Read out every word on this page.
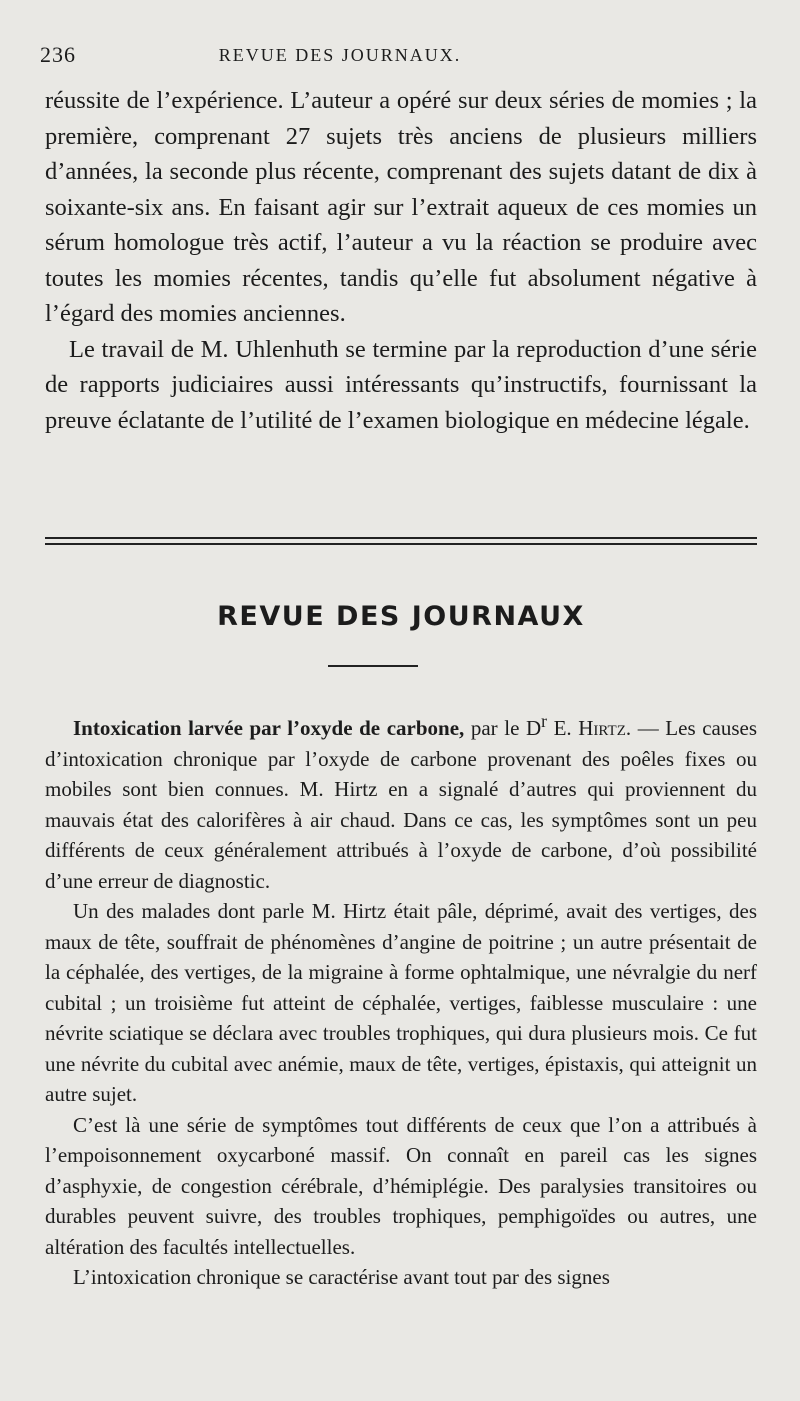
236	REVUE DES JOURNAUX.

réussite de l’expérience. L’auteur a opéré sur deux séries de momies ; la première, comprenant 27 sujets très anciens de plusieurs milliers d’années, la seconde plus récente, comprenant des sujets datant de dix à soixante-six ans. En faisant agir sur l’extrait aqueux de ces momies un sérum homologue très actif, l’auteur a vu la réaction se produire avec toutes les momies récentes, tandis qu’elle fut absolument négative à l’égard des momies anciennes.

Le travail de M. Uhlenhuth se termine par la reproduction d’une série de rapports judiciaires aussi intéressants qu’instructifs, fournissant la preuve éclatante de l’utilité de l’examen biologique en médecine légale.

REVUE DES JOURNAUX

Intoxication larvée par l’oxyde de carbone, par le $D^r$ E. Hirtz. — Les causes d’intoxication chronique par l’oxyde de carbone provenant des poêles fixes ou mobiles sont bien connues. M. Hirtz en a signalé d’autres qui proviennent du mauvais état des calorifères à air chaud. Dans ce cas, les symptômes sont un peu différents de ceux généralement attribués à l’oxyde de carbone, d’où possibilité d’une erreur de diagnostic.

Un des malades dont parle M. Hirtz était pâle, déprimé, avait des vertiges, des maux de tête, souffrait de phénomènes d’angine de poitrine ; un autre présentait de la céphalée, des vertiges, de la migraine à forme ophtalmique, une névralgie du nerf cubital ; un troisième fut atteint de céphalée, vertiges, faiblesse musculaire : une névrite sciatique se déclara avec troubles trophiques, qui dura plusieurs mois. Ce fut une névrite du cubital avec anémie, maux de tête, vertiges, épistaxis, qui atteignit un autre sujet.

C’est là une série de symptômes tout différents de ceux que l’on a attribués à l’empoisonnement oxycarboné massif. On connaît en pareil cas les signes d’asphyxie, de congestion cérébrale, d’hémiplégie. Des paralysies transitoires ou durables peuvent suivre, des troubles trophiques, pemphigoïdes ou autres, une altération des facultés intellectuelles.

L’intoxication chronique se caractérise avant tout par des signes
